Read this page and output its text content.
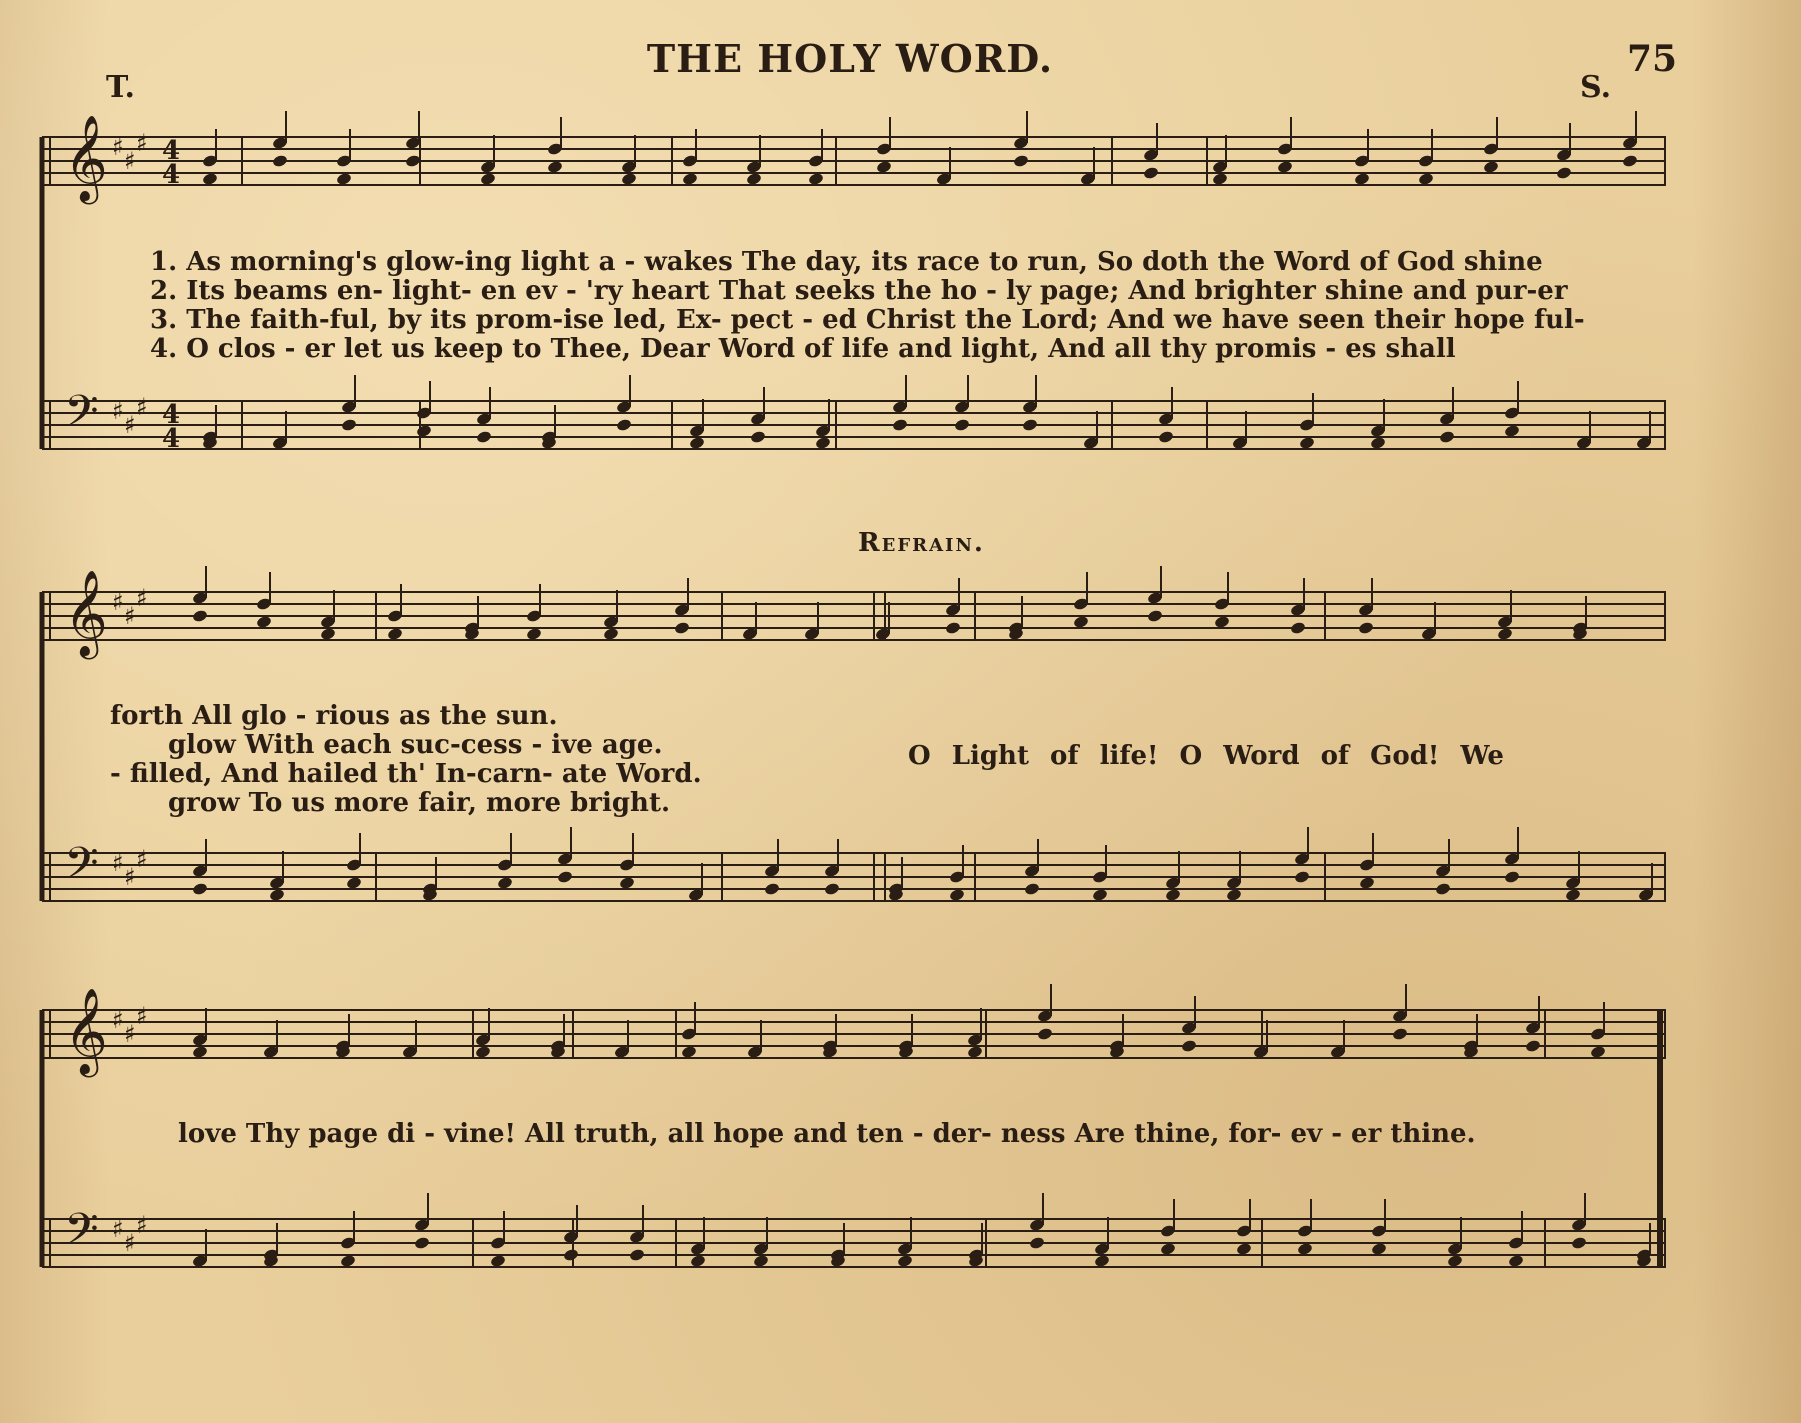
THE HOLY WORD.	75
T.	S.
𝄞 ♯ ♯
♯ 4
4
𝄢 ♯ ♯
♯ 4
4
𝄞 ♯ ♯
♯
𝄢 ♯ ♯
♯
𝄞 ♯ ♯
♯
𝄢 ♯ ♯
♯
1. As morning's glow-ing light a - wakes The day, its race to run, So doth the Word of God shine
2. Its beams en- light- en ev - 'ry heart That seeks the ho - ly page; And brighter shine and pur-er
3. The faith-ful, by its prom-ise led, Ex- pect - ed Christ the Lord; And we have seen their hope ful-
4. O clos - er let us keep to Thee, Dear Word of life and light, And all thy promis - es shall
Refrain.
forth All glo - rious as the sun.
glow With each suc-cess - ive age.
- filled, And hailed th' In-carn- ate Word.
grow To us more fair, more bright.
O Light of life! O Word of God! We
love Thy page di - vine! All truth, all hope and ten - der- ness Are thine, for- ev - er thine.
